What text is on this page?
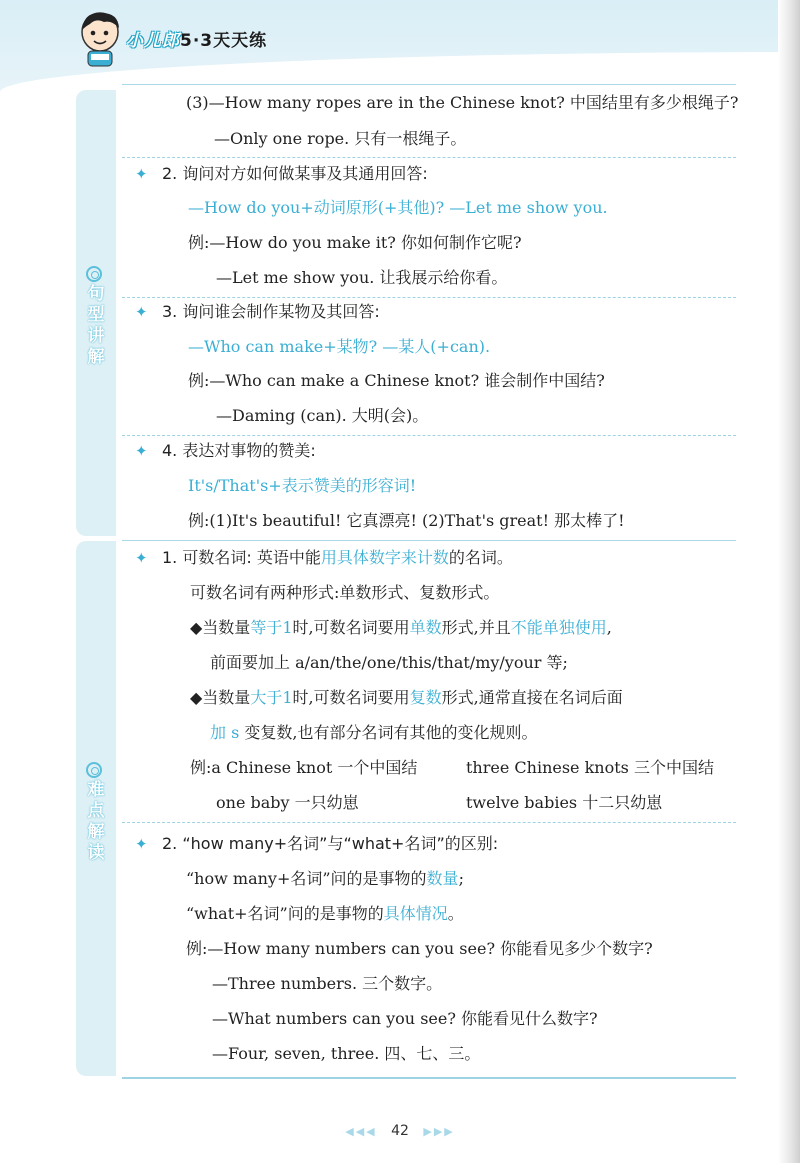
小儿郎5·3天天练
句
型
讲
解
难
点
解
读
(3)—How many ropes are in the Chinese knot? 中国结里有多少根绳子?
—Only one rope. 只有一根绳子。
✦ 2. 询问对方如何做某事及其通用回答:
—How do you+动词原形(+其他)? —Let me show you.
例:—How do you make it? 你如何制作它呢?
—Let me show you. 让我展示给你看。
✦ 3. 询问谁会制作某物及其回答:
—Who can make+某物? —某人(+can).
例:—Who can make a Chinese knot? 谁会制作中国结?
—Daming (can). 大明(会)。
✦ 4. 表达对事物的赞美:
It's/That's+表示赞美的形容词!
例:(1)It's beautiful! 它真漂亮! (2)That's great! 那太棒了!
✦ 1. 可数名词: 英语中能用具体数字来计数的名词。
可数名词有两种形式:单数形式、复数形式。
◆当数量等于1时,可数名词要用单数形式,并且不能单独使用,
前面要加上 a/an/the/one/this/that/my/your 等;
◆当数量大于1时,可数名词要用复数形式,通常直接在名词后面
加 s 变复数,也有部分名词有其他的变化规则。
例:a Chinese knot 一个中国结	three Chinese knots 三个中国结
one baby 一只幼崽	twelve babies 十二只幼崽
✦ 2. “how many+名词”与“what+名词”的区别:
“how many+名词”问的是事物的数量;
“what+名词”问的是事物的具体情况。
例:—How many numbers can you see? 你能看见多少个数字?
—Three numbers. 三个数字。
—What numbers can you see? 你能看见什么数字?
—Four, seven, three. 四、七、三。
◀◀◀ 42 ▶▶▶
